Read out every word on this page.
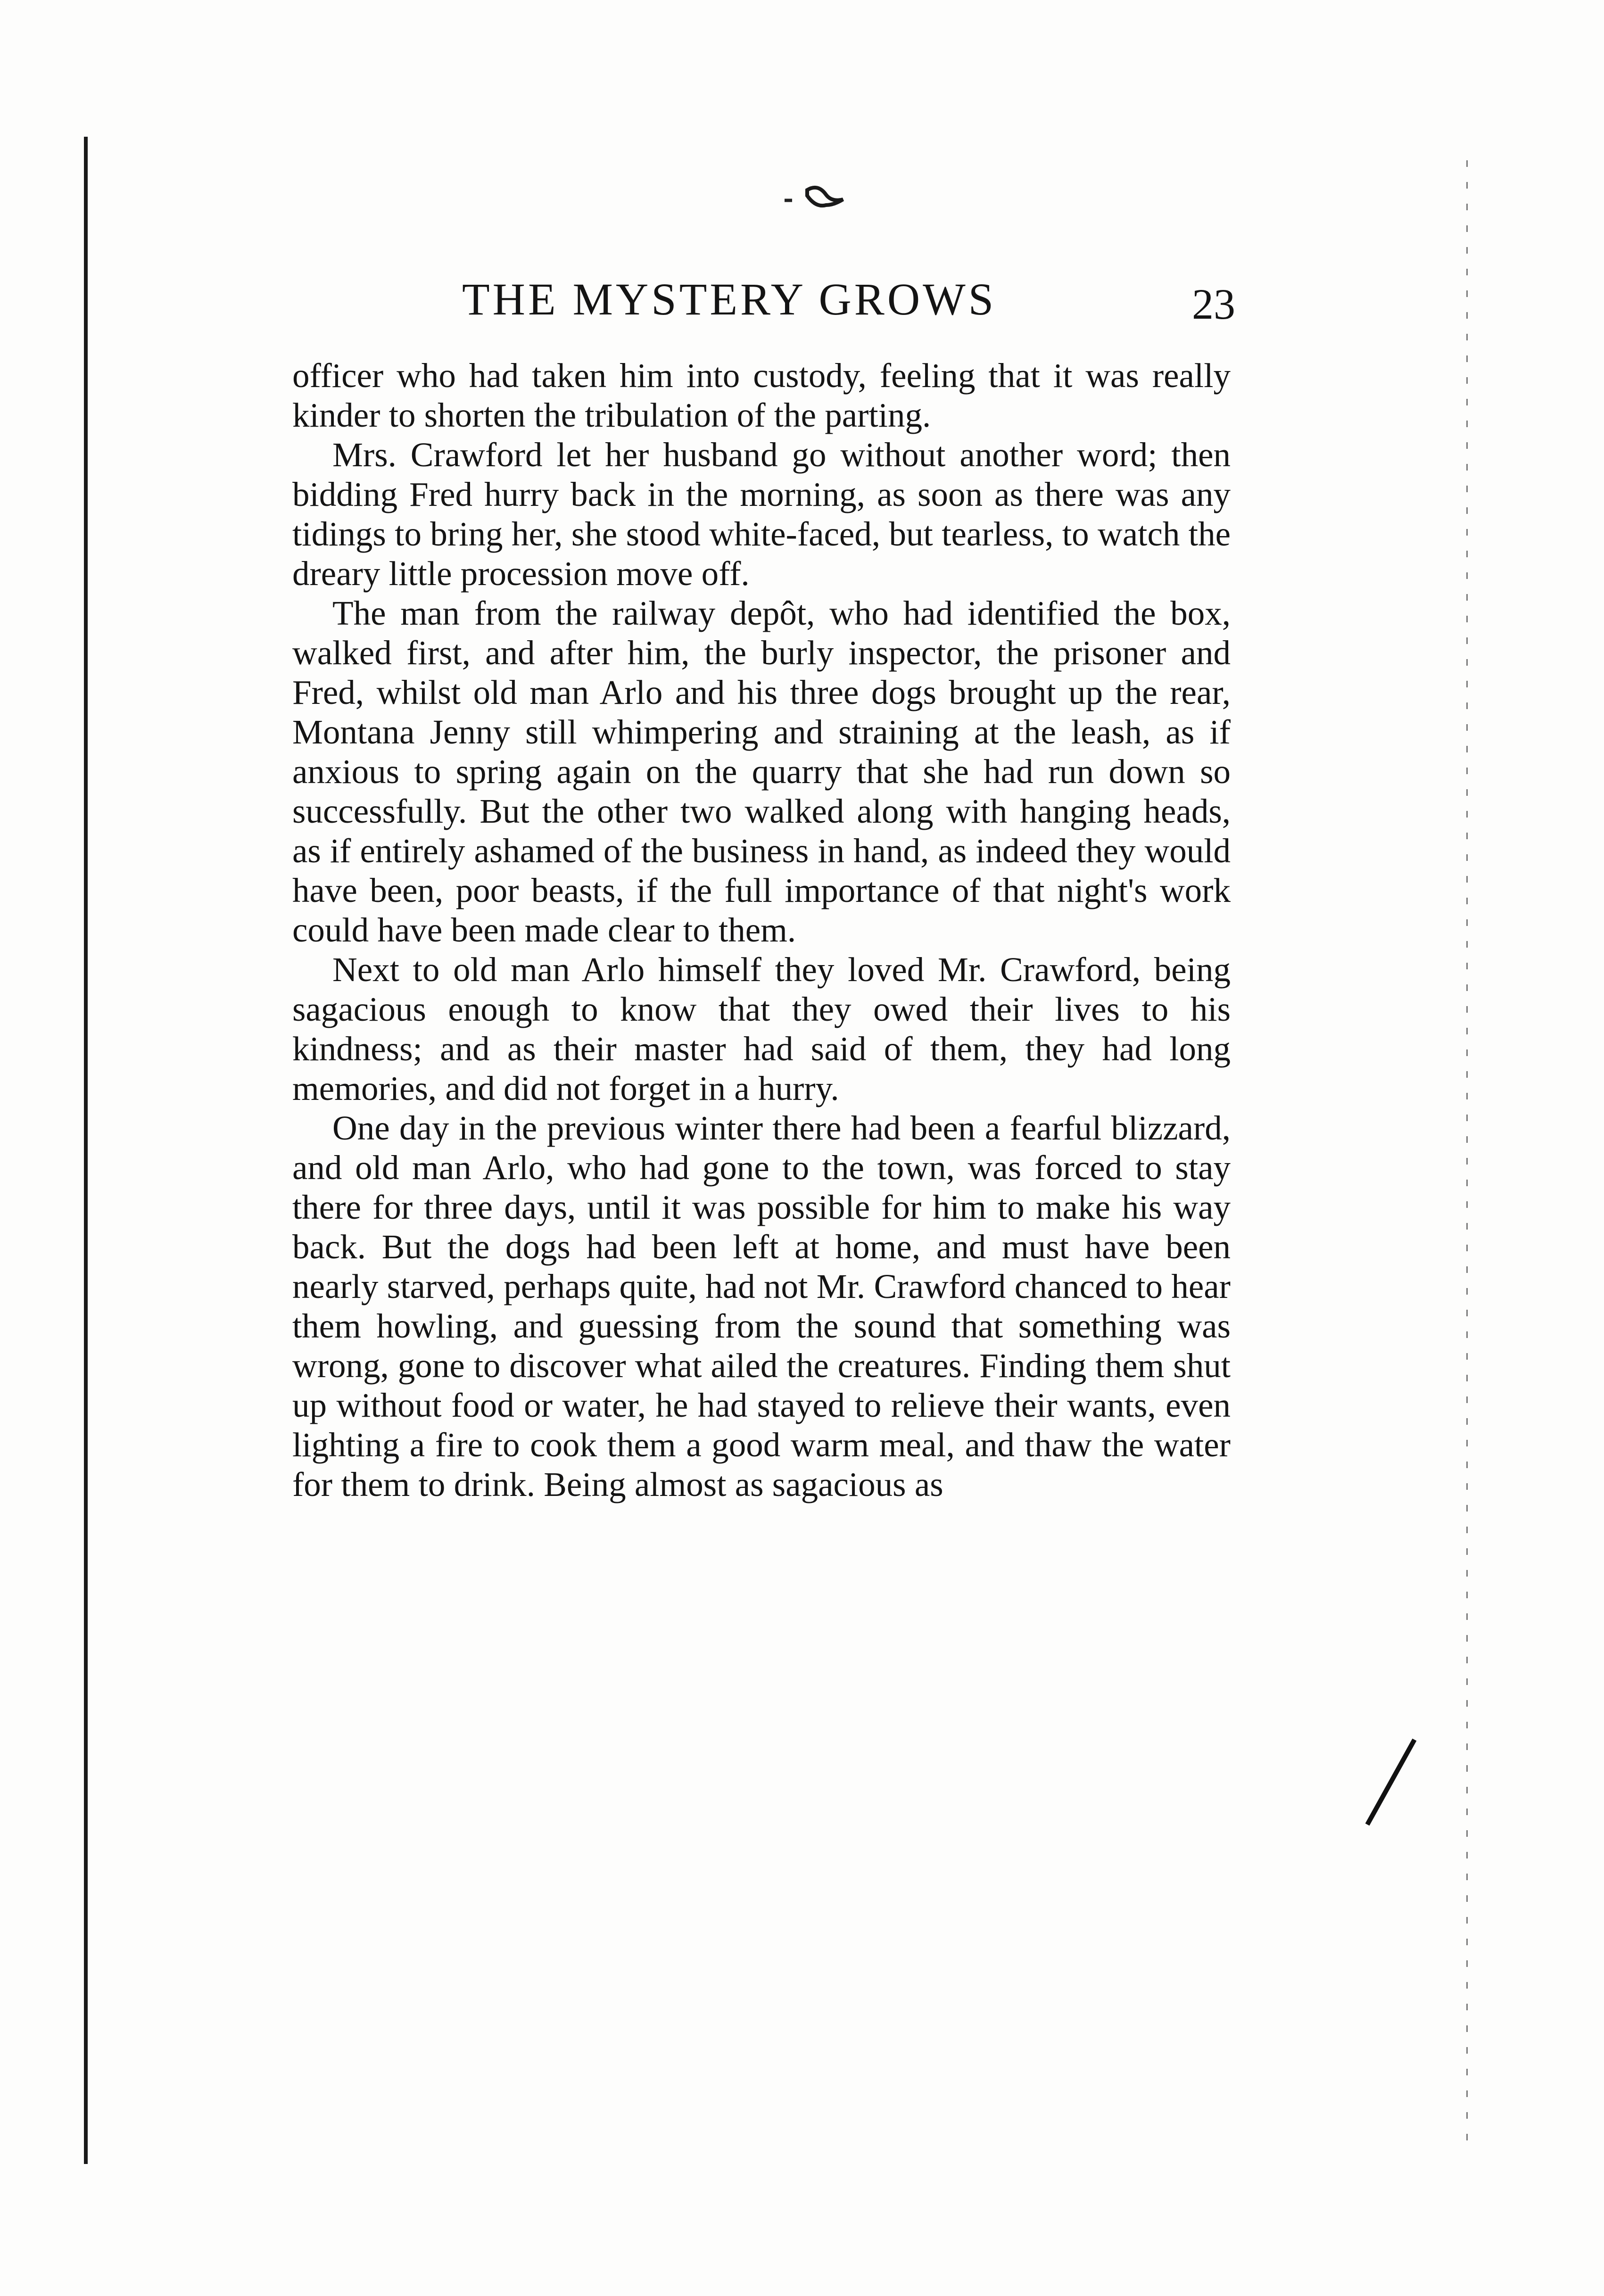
THE MYSTERY GROWS	23

officer who had taken him into custody, feeling that it was really kinder to shorten the tribulation of the parting.

Mrs. Crawford let her husband go without another word; then bidding Fred hurry back in the morning, as soon as there was any tidings to bring her, she stood white-faced, but tearless, to watch the dreary little procession move off.

The man from the railway depôt, who had identified the box, walked first, and after him, the burly inspector, the prisoner and Fred, whilst old man Arlo and his three dogs brought up the rear, Montana Jenny still whimpering and straining at the leash, as if anxious to spring again on the quarry that she had run down so successfully. But the other two walked along with hanging heads, as if entirely ashamed of the business in hand, as indeed they would have been, poor beasts, if the full importance of that night's work could have been made clear to them.

Next to old man Arlo himself they loved Mr. Crawford, being sagacious enough to know that they owed their lives to his kindness; and as their master had said of them, they had long memories, and did not forget in a hurry.

One day in the previous winter there had been a fearful blizzard, and old man Arlo, who had gone to the town, was forced to stay there for three days, until it was possible for him to make his way back. But the dogs had been left at home, and must have been nearly starved, perhaps quite, had not Mr. Crawford chanced to hear them howling, and guessing from the sound that something was wrong, gone to discover what ailed the creatures. Finding them shut up without food or water, he had stayed to relieve their wants, even lighting a fire to cook them a good warm meal, and thaw the water for them to drink. Being almost as sagacious as
